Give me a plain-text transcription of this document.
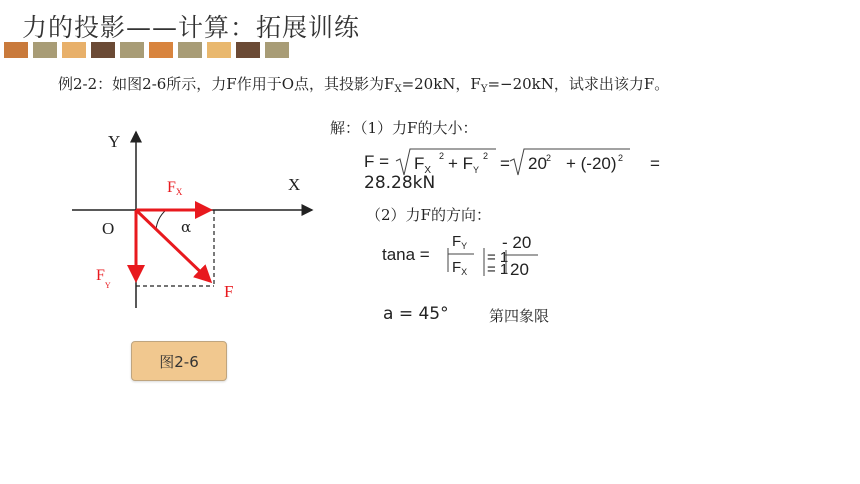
力的投影——计算：拓展训练
例2-2：如图2-6所示，力F作用于O点，其投影为$F_X=20kN$，$F_Y=-20kN$，试求出该力F。
Y
X
O	α
FX
$F_Y$	F
图2-6
解：（1）力F的大小：
$F = F_X$
$2 + F_Y$
2 = 20 2 + (-20) 2 =
28.28kN
（2）力F的方向：
tana =
$F_Y$
$F_X$
= 1
= 1
- 20
20
a = 45°	第四象限
